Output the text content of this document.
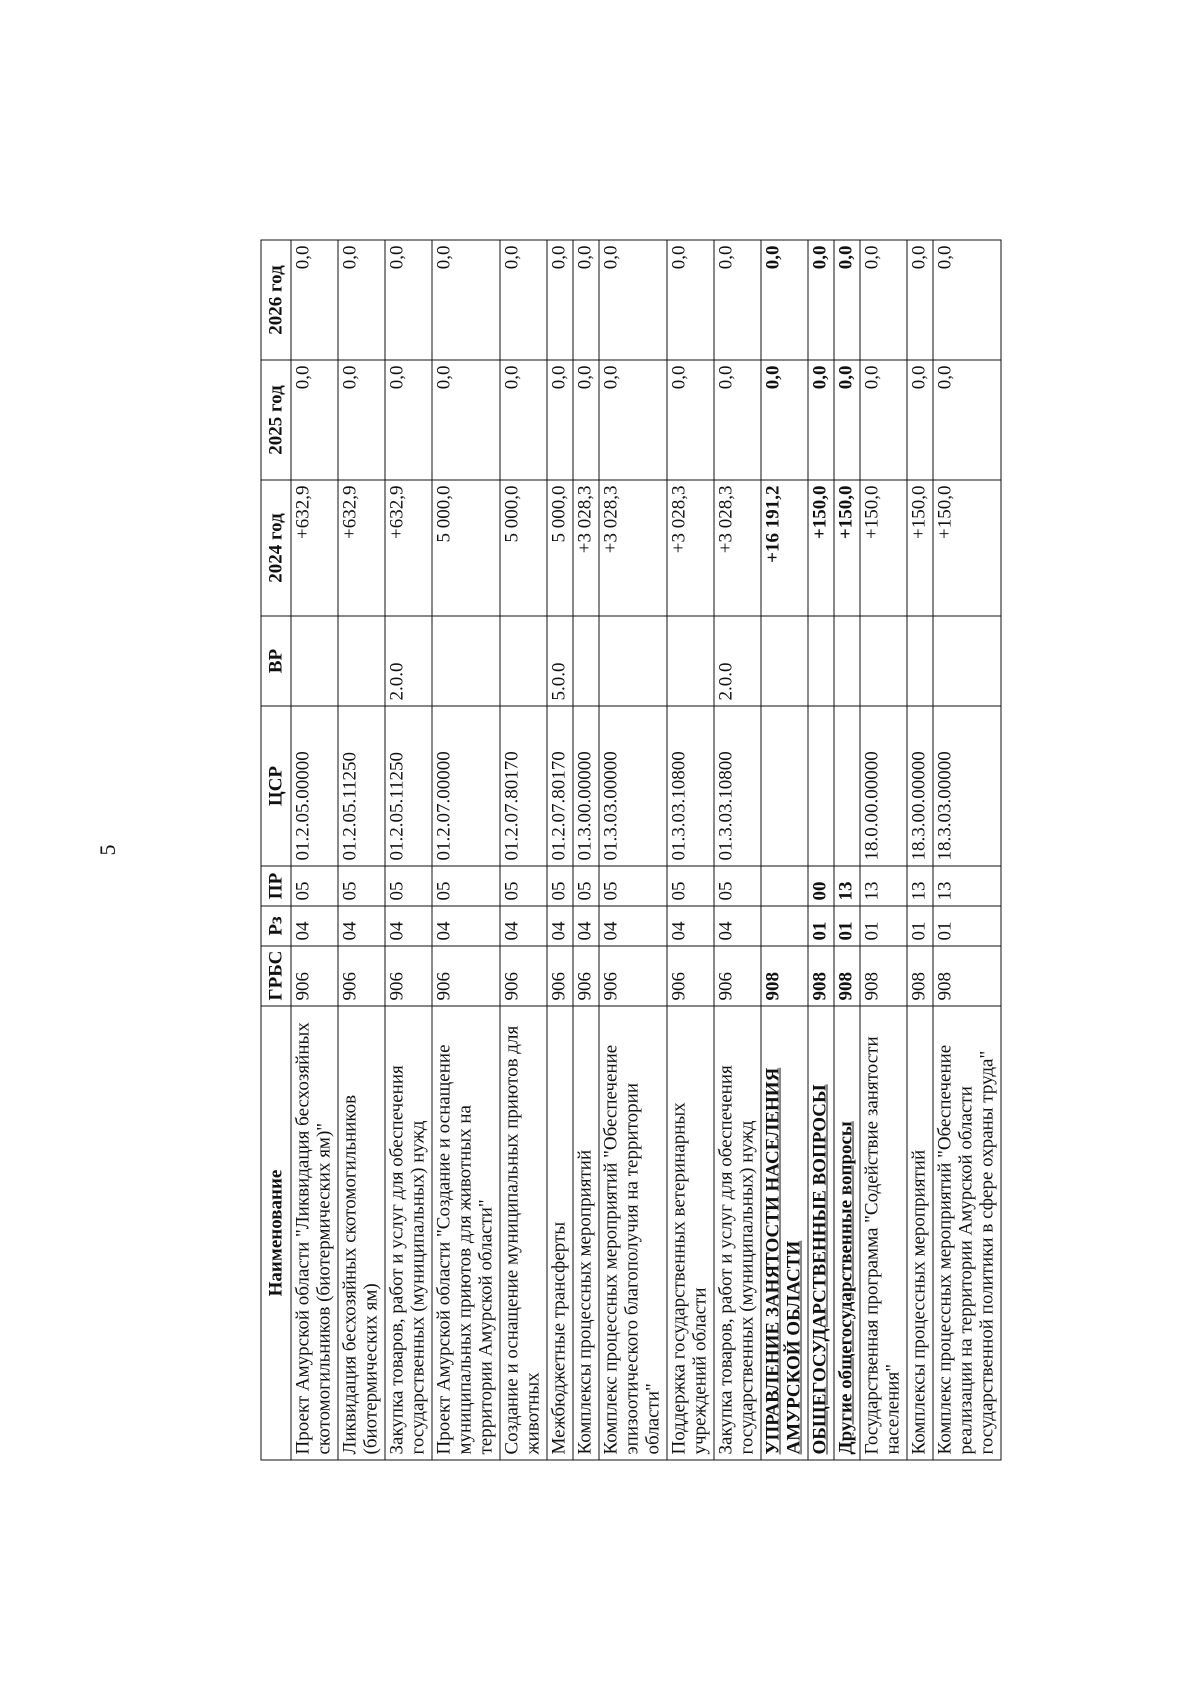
5
Наименование	ГРБС	Рз	ПР	ЦСР	ВР	2024 год	2025 год	2026 год
Проект Амурской области "Ликвидация бесхозяйных скотомогильников (биотермических ям)"	906	04	05	01.2.05.00000		+632,9	0,0	0,0
Ликвидация бесхозяйных скотомогильников (биотермических ям)	906	04	05	01.2.05.11250		+632,9	0,0	0,0
Закупка товаров, работ и услуг для обеспечения государственных (муниципальных) нужд	906	04	05	01.2.05.11250	2.0.0	+632,9	0,0	0,0
Проект Амурской области "Создание и оснащение муниципальных приютов для животных на территории Амурской области"	906	04	05	01.2.07.00000		5 000,0	0,0	0,0
Создание и оснащение муниципальных приютов для животных	906	04	05	01.2.07.80170		5 000,0	0,0	0,0
Межбюджетные трансферты	906	04	05	01.2.07.80170	5.0.0	5 000,0	0,0	0,0
Комплексы процессных мероприятий	906	04	05	01.3.00.00000		+3 028,3	0,0	0,0
Комплекс процессных мероприятий "Обеспечение эпизоотического благополучия на территории области"	906	04	05	01.3.03.00000		+3 028,3	0,0	0,0
Поддержка государственных ветеринарных учреждений области	906	04	05	01.3.03.10800		+3 028,3	0,0	0,0
Закупка товаров, работ и услуг для обеспечения государственных (муниципальных) нужд	906	04	05	01.3.03.10800	2.0.0	+3 028,3	0,0	0,0
УПРАВЛЕНИЕ ЗАНЯТОСТИ НАСЕЛЕНИЯ АМУРСКОЙ ОБЛАСТИ	908					+16 191,2	0,0	0,0
ОБЩЕГОСУДАРСТВЕННЫЕ ВОПРОСЫ	908	01	00			+150,0	0,0	0,0
Другие общегосударственные вопросы	908	01	13			+150,0	0,0	0,0
Государственная программа "Содействие занятости населения"	908	01	13	18.0.00.00000		+150,0	0,0	0,0
Комплексы процессных мероприятий	908	01	13	18.3.00.00000		+150,0	0,0	0,0
Комплекс процессных мероприятий "Обеспечение реализации на территории Амурской области государственной политики в сфере охраны труда"	908	01	13	18.3.03.00000		+150,0	0,0	0,0
